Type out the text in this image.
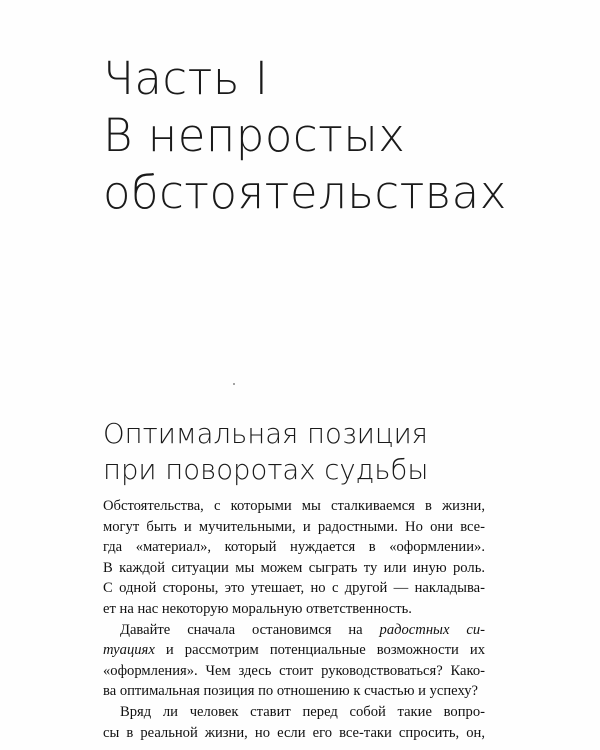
Часть I
В непростых
обстоятельствах
Оптимальная позиция
при поворотах судьбы
Обстоятельства, с которыми мы сталкиваемся в жизни,
могут быть и мучительными, и радостными. Но они все-
гда «материал», который нуждается в «оформлении».
В каждой ситуации мы можем сыграть ту или иную роль.
С одной стороны, это утешает, но с другой — накладыва-
ет на нас некоторую моральную ответственность.
Давайте сначала остановимся на радостных си-
туациях и рассмотрим потенциальные возможности их
«оформления». Чем здесь стоит руководствоваться? Како-
ва оптимальная позиция по отношению к счастью и успеху?
Вряд ли человек ставит перед собой такие вопро-
сы в реальной жизни, но если его все-таки спросить, он,
